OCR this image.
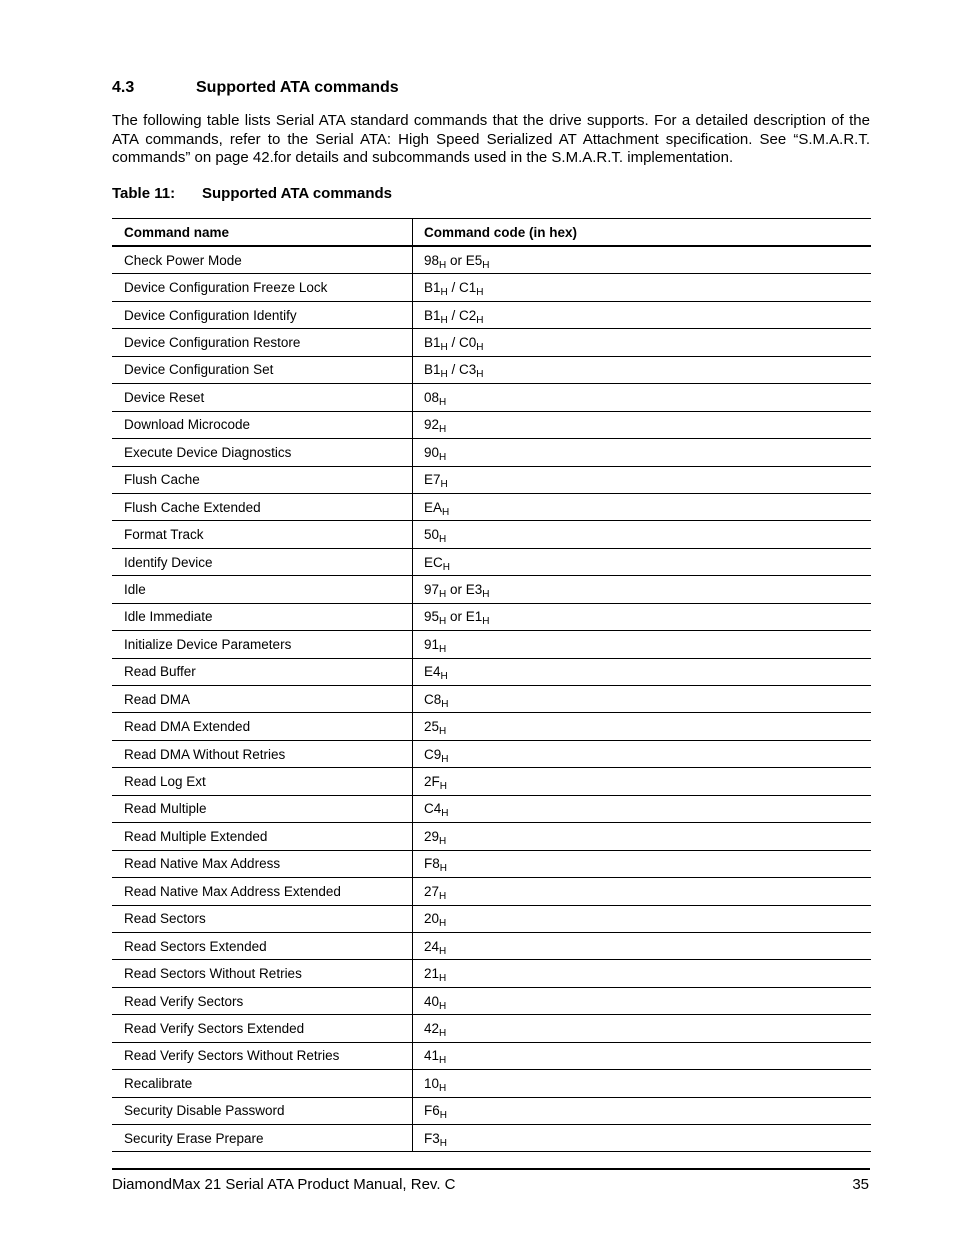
4.3	Supported ATA commands

The following table lists Serial ATA standard commands that the drive supports. For a detailed description of the ATA commands, refer to the Serial ATA: High Speed Serialized AT Attachment specification. See “S.M.A.R.T. commands” on page 42.for details and subcommands used in the S.M.A.R.T. implementation.

Table 11: Supported ATA commands
Command name	Command code (in hex)
Check Power Mode	$98_H$ or $E5_H$
Device Configuration Freeze Lock	$B1_H / C1_H$
Device Configuration Identify	$B1_H / C2_H$
Device Configuration Restore	$B1_H / C0_H$
Device Configuration Set	$B1_H / C3_H$
Device Reset	$08_H$
Download Microcode	$92_H$
Execute Device Diagnostics	$90_H$
Flush Cache	$E7_H$
Flush Cache Extended	$EA_H$
Format Track	$50_H$
Identify Device	$EC_H$
Idle	$97_H$ or $E3_H$
Idle Immediate	$95_H$ or $E1_H$
Initialize Device Parameters	$91_H$
Read Buffer	$E4_H$
Read DMA	$C8_H$
Read DMA Extended	$25_H$
Read DMA Without Retries	$C9_H$
Read Log Ext	$2F_H$
Read Multiple	$C4_H$
Read Multiple Extended	$29_H$
Read Native Max Address	$F8_H$
Read Native Max Address Extended	$27_H$
Read Sectors	$20_H$
Read Sectors Extended	$24_H$
Read Sectors Without Retries	$21_H$
Read Verify Sectors	$40_H$
Read Verify Sectors Extended	$42_H$
Read Verify Sectors Without Retries	$41_H$
Recalibrate	$10_H$
Security Disable Password	$F6_H$
Security Erase Prepare	$F3_H$
DiamondMax 21 Serial ATA Product Manual, Rev. C	35
